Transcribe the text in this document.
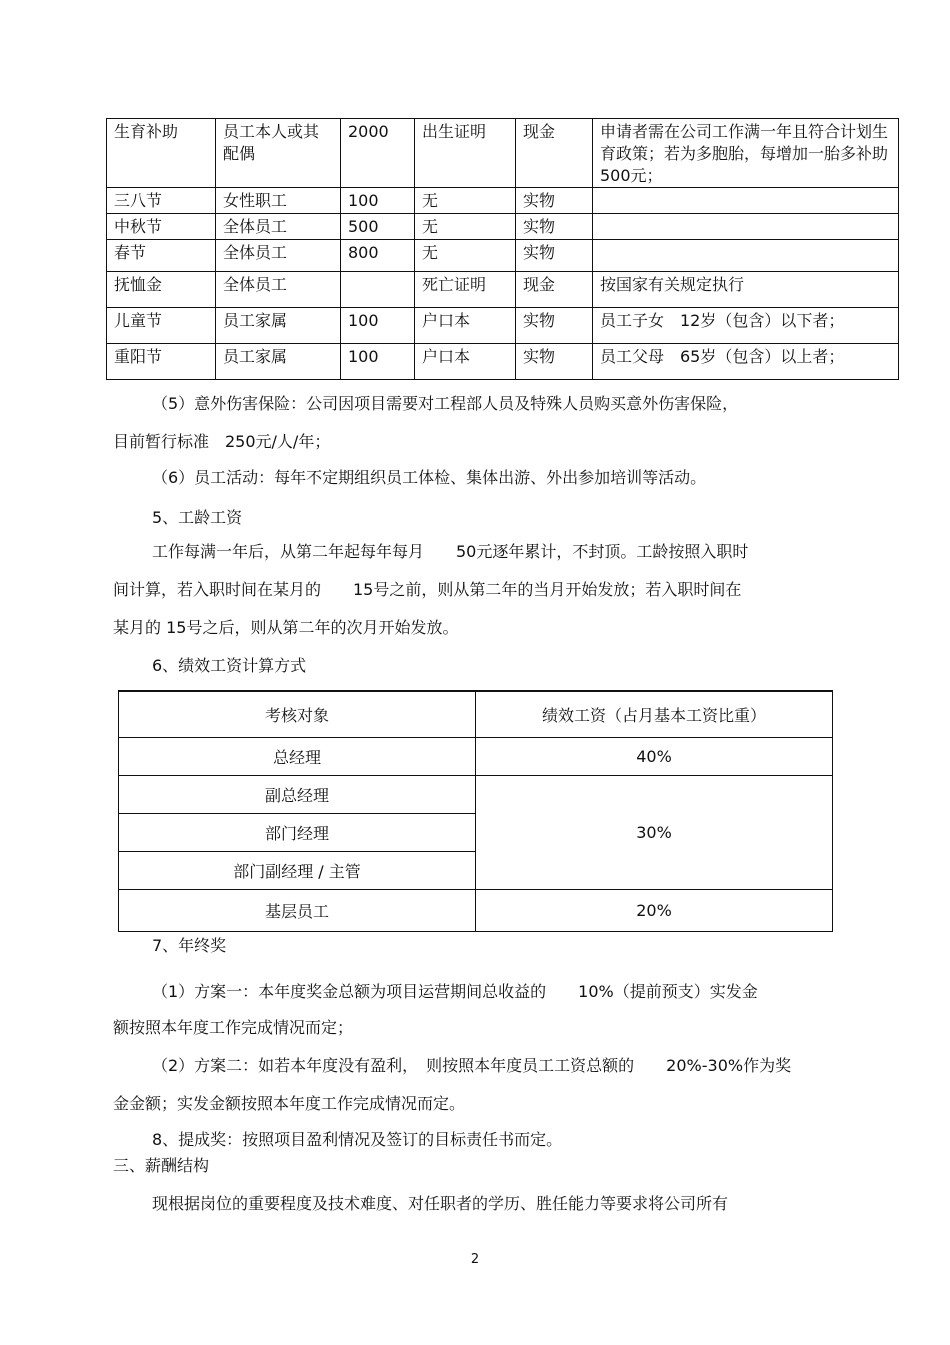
生育补助	员工本人或其配偶	2000	出生证明	现金	申请者需在公司工作满一年且符合计划生育政策；若为多胞胎，每增加一胎多补助　500元；
三八节	女性职工	100	无	实物	
中秋节	全体员工	500	无	实物	
春节	全体员工	800	无	实物	
抚恤金	全体员工		死亡证明	现金	按国家有关规定执行
儿童节	员工家属	100	户口本	实物	员工子女　12岁（包含）以下者；
重阳节	员工家属	100	户口本	实物	员工父母　65岁（包含）以上者；
（5）意外伤害保险：公司因项目需要对工程部人员及特殊人员购买意外伤害保险，
目前暂行标准　250元/人/年；
（6）员工活动：每年不定期组织员工体检、集体出游、外出参加培训等活动。
5、工龄工资
工作每满一年后，从第二年起每年每月　　50元逐年累计，不封顶。工龄按照入职时
间计算，若入职时间在某月的　　15号之前，则从第二年的当月开始发放；若入职时间在
某月的 15号之后，则从第二年的次月开始发放。
6、绩效工资计算方式
考核对象	绩效工资（占月基本工资比重）
总经理	40%
副总经理	30%
部门经理	
部门副经理 / 主管	
基层员工	20%
7、年终奖
（1）方案一：本年度奖金总额为项目运营期间总收益的　　10%（提前预支）实发金
额按照本年度工作完成情况而定；
（2）方案二：如若本年度没有盈利，　则按照本年度员工工资总额的　　20%-30%作为奖
金金额；实发金额按照本年度工作完成情况而定。
8、提成奖：按照项目盈利情况及签订的目标责任书而定。
三、薪酬结构
现根据岗位的重要程度及技术难度、对任职者的学历、胜任能力等要求将公司所有
2
